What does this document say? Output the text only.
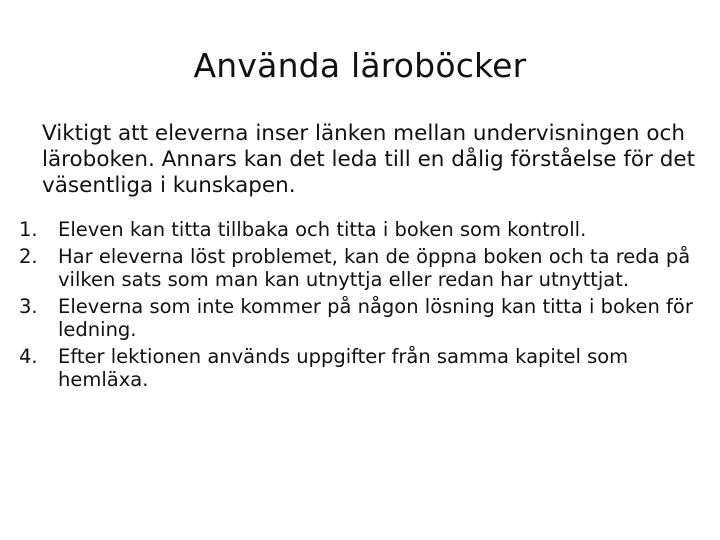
Använda läroböcker

Viktigt att eleverna inser länken mellan undervisningen och läroboken. Annars kan det leda till en dålig förståelse för det väsentliga i kunskapen.

1. Eleven kan titta tillbaka och titta i boken som kontroll.
2. Har eleverna löst problemet, kan de öppna boken och ta reda på vilken sats som man kan utnyttja eller redan har utnyttjat.
3. Eleverna som inte kommer på någon lösning kan titta i boken för ledning.
4. Efter lektionen används uppgifter från samma kapitel som hemläxa.
